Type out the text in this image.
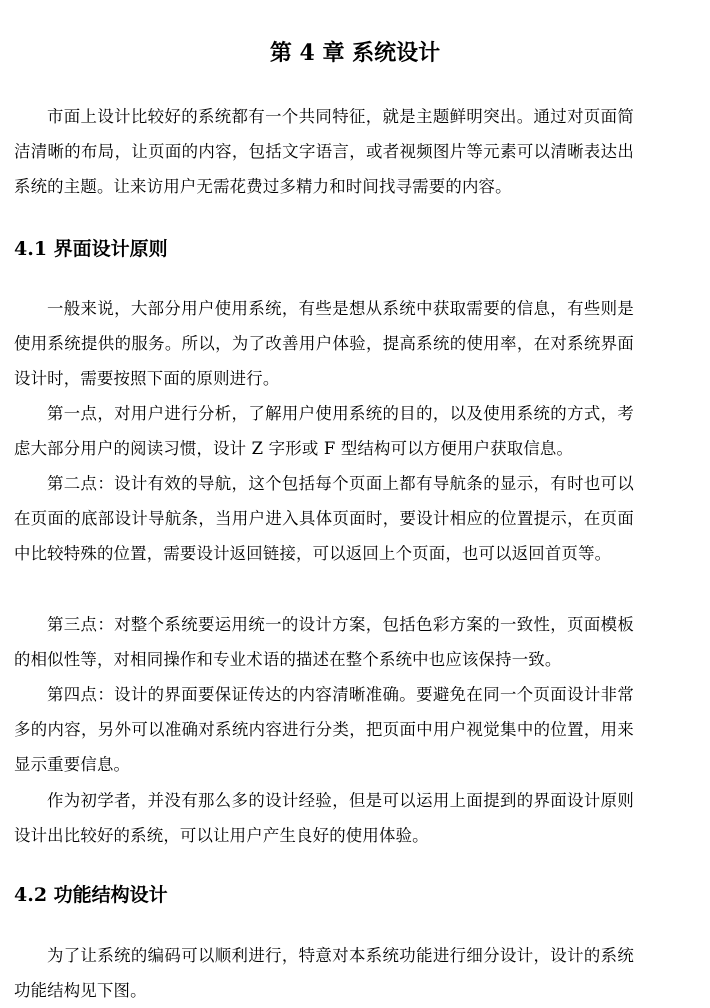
第 4 章 系统设计

市面上设计比较好的系统都有一个共同特征，就是主题鲜明突出。通过对页面简洁清晰的布局，让页面的内容，包括文字语言，或者视频图片等元素可以清晰表达出系统的主题。让来访用户无需花费过多精力和时间找寻需要的内容。

4.1 界面设计原则

一般来说，大部分用户使用系统，有些是想从系统中获取需要的信息，有些则是使用系统提供的服务。所以，为了改善用户体验，提高系统的使用率，在对系统界面设计时，需要按照下面的原则进行。

第一点，对用户进行分析，了解用户使用系统的目的，以及使用系统的方式，考虑大部分用户的阅读习惯，设计 Z 字形或 F 型结构可以方便用户获取信息。

第二点：设计有效的导航，这个包括每个页面上都有导航条的显示，有时也可以在页面的底部设计导航条，当用户进入具体页面时，要设计相应的位置提示，在页面中比较特殊的位置，需要设计返回链接，可以返回上个页面，也可以返回首页等。

第三点：对整个系统要运用统一的设计方案，包括色彩方案的一致性，页面模板的相似性等，对相同操作和专业术语的描述在整个系统中也应该保持一致。

第四点：设计的界面要保证传达的内容清晰准确。要避免在同一个页面设计非常多的内容，另外可以准确对系统内容进行分类，把页面中用户视觉集中的位置，用来显示重要信息。

作为初学者，并没有那么多的设计经验，但是可以运用上面提到的界面设计原则设计出比较好的系统，可以让用户产生良好的使用体验。

4.2 功能结构设计

为了让系统的编码可以顺利进行，特意对本系统功能进行细分设计，设计的系统功能结构见下图。
